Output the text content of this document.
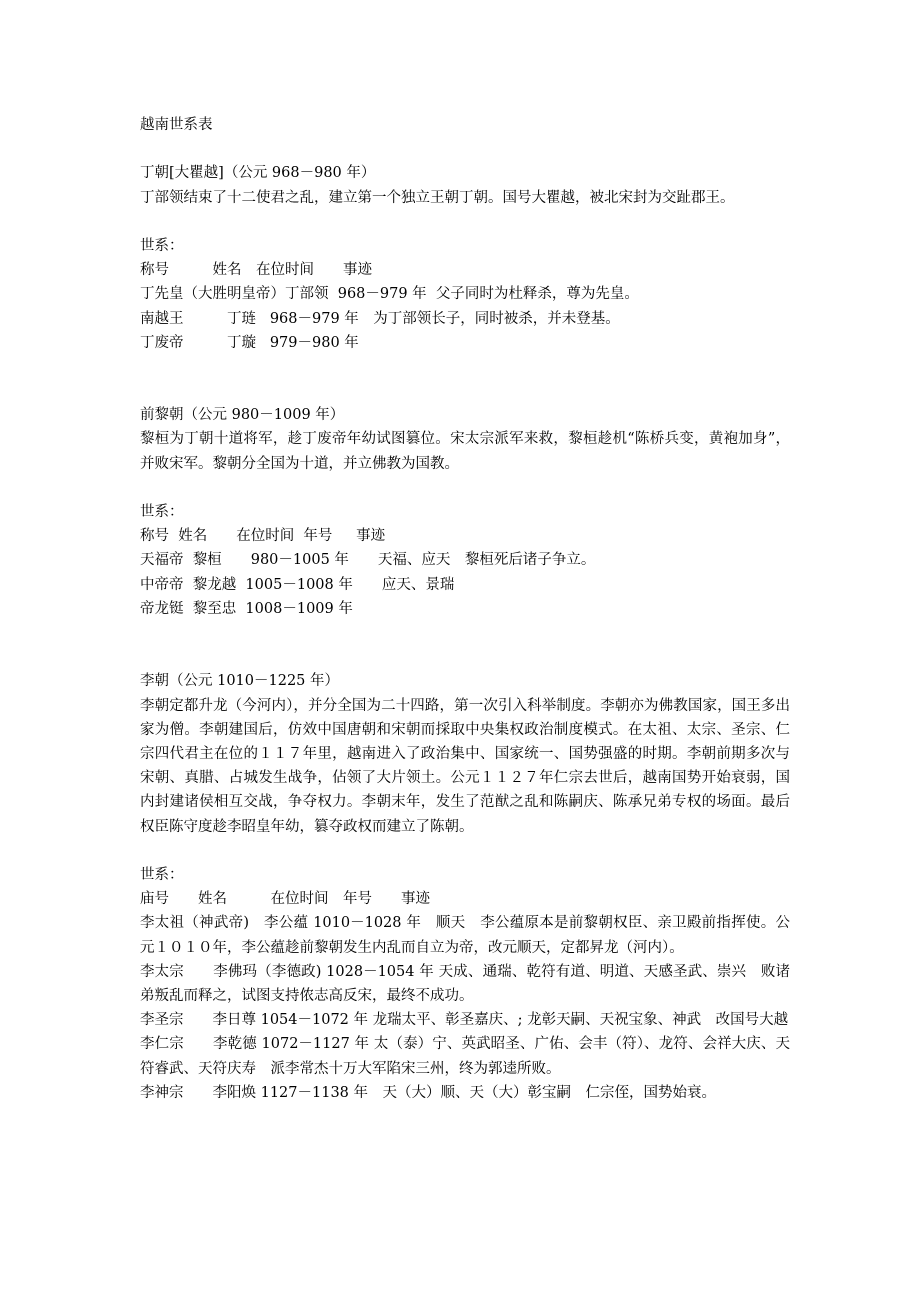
越南世系表
丁朝[大瞿越]（公元 968－980 年）
丁部领结束了十二使君之乱，建立第一个独立王朝丁朝。国号大瞿越，被北宋封为交趾郡王。
世系：
称号　　　姓名　在位时间　　事迹
丁先皇（大胜明皇帝）丁部领  968－979 年  父子同时为杜释杀，尊为先皇。
南越王　　　丁琏   968－979 年　为丁部领长子，同时被杀，并未登基。
丁废帝　　　丁璇   979－980 年
前黎朝（公元 980－1009 年）
黎桓为丁朝十道将军，趁丁废帝年幼试图篡位。宋太宗派军来救，黎桓趁机“陈桥兵变，黄袍加身”，并败宋军。黎朝分全国为十道，并立佛教为国教。
世系：
称号  姓名　　在位时间  年号　  事迹
天福帝  黎桓　　980－1005 年　　天福、应天　黎桓死后诸子争立。
中帝帝  黎龙越  1005－1008 年　　应天、景瑞
帝龙铤  黎至忠  1008－1009 年
李朝（公元 1010－1225 年）
李朝定都升龙（今河内），并分全国为二十四路，第一次引入科举制度。李朝亦为佛教国家，国王多出家为僧。李朝建国后，仿效中国唐朝和宋朝而採取中央集权政治制度模式。在太祖、太宗、圣宗、仁宗四代君主在位的１１７年里，越南进入了政治集中、国家统一、国势强盛的时期。李朝前期多次与宋朝、真腊、占城发生战争，佔领了大片领土。公元１１２７年仁宗去世后，越南国势开始衰弱，国内封建诸侯相互交战，争夺权力。李朝末年，发生了范猷之乱和陈嗣庆、陈承兄弟专权的场面。最后权臣陈守度趁李昭皇年幼，篡夺政权而建立了陈朝。
世系：
庙号　　姓名　　　在位时间　年号　　事迹
李太祖（神武帝)　李公蕴 1010－1028 年　顺天　李公蕴原本是前黎朝权臣、亲卫殿前指挥使。公元１０１０年，李公蕴趁前黎朝发生内乱而自立为帝，改元顺天，定都昇龙（河内）。
李太宗　　李佛玛（李德政) 1028－1054 年 天成、通瑞、乾符有道、明道、天感圣武、崇兴　败诸弟叛乱而释之，试图支持侬志高反宋，最终不成功。
李圣宗　　李日尊 1054－1072 年 龙瑞太平、彰圣嘉庆、; 龙彰天嗣、天祝宝象、神武　改国号大越
李仁宗　　李乾德 1072－1127 年 太（泰）宁、英武昭圣、广佑、会丰（符）、龙符、会祥大庆、天符睿武、天符庆寿　派李常杰十万大军陷宋三州，终为郭逵所败。
李神宗　　李阳焕 1127－1138 年　天（大）顺、天（大）彰宝嗣　仁宗侄，国势始衰。
